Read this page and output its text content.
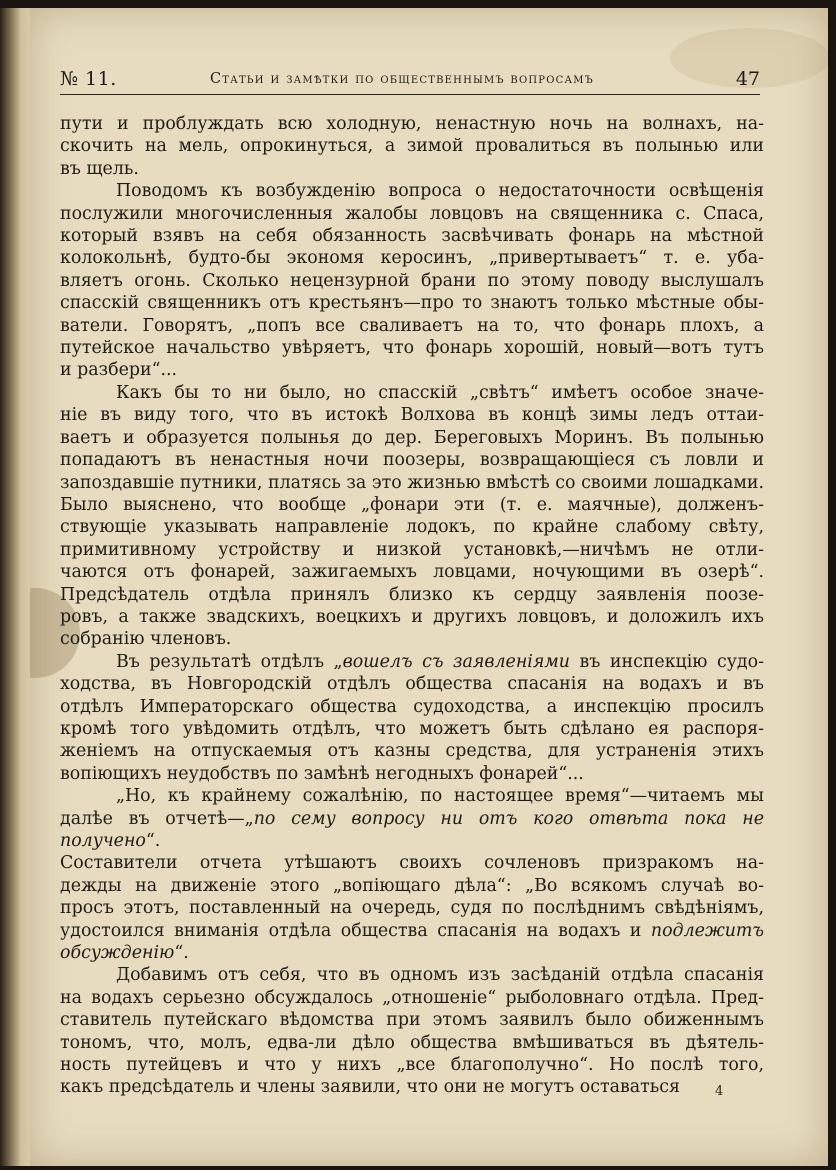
№ 11.	Статьи и замѣтки по общественнымъ вопросамъ	47

пути и проблуждать всю холодную, ненастную ночь на волнахъ, на-

скочить на мель, опрокинуться, а зимой провалиться въ полынью или

въ щель.

Поводомъ къ возбужденію вопроса о недостаточности освѣщенія

послужили многочисленныя жалобы ловцовъ на священника с. Спаса,

который взявъ на себя обязанность засвѣчивать фонарь на мѣстной

колокольнѣ, будто-бы экономя керосинъ, „привертываетъ“ т. е. уба-

вляетъ огонь. Сколько нецензурной брани по этому поводу выслушалъ

спасскій священникъ отъ крестьянъ—про то знаютъ только мѣстные обы-

ватели. Говорятъ, „попъ все сваливаетъ на то, что фонарь плохъ, а

путейское начальство увѣряетъ, что фонарь хорошій, новый—вотъ тутъ

и разбери“...

Какъ бы то ни было, но спасскій „свѣтъ“ имѣетъ особое значе-

ніе въ виду того, что въ истокѣ Волхова въ концѣ зимы ледъ оттаи-

ваетъ и образуется полынья до дер. Береговыхъ Моринъ. Въ полынью

попадаютъ въ ненастныя ночи поозеры, возвращающіеся съ ловли и

запоздавшіе путники, платясь за это жизнью вмѣстѣ со своими лошадками.

Было выяснено, что вообще „фонари эти (т. е. маячные), долженъ-

ствующіе указывать направленіе лодокъ, по крайне слабому свѣту,

примитивному устройству и низкой установкѣ,—ничѣмъ не отли-

чаются отъ фонарей, зажигаемыхъ ловцами, ночующими въ озерѣ“.

Предсѣдатель отдѣла принялъ близко къ сердцу заявленія поозе-

ровъ, а также звадскихъ, воецкихъ и другихъ ловцовъ, и доложилъ ихъ

собранію членовъ.

Въ результатѣ отдѣлъ „вошелъ съ заявленіями въ инспекцію судо-

ходства, въ Новгородскій отдѣлъ общества спасанія на водахъ и въ

отдѣлъ Императорскаго общества судоходства, а инспекцію просилъ

кромѣ того увѣдомить отдѣлъ, что можетъ быть сдѣлано ея распоря-

женіемъ на отпускаемыя отъ казны средства, для устраненія этихъ

вопіющихъ неудобствъ по замѣнѣ негодныхъ фонарей“...

„Но, къ крайнему сожалѣнію, по настоящее время“—читаемъ мы

далѣе въ отчетѣ—„по сему вопросу ни отъ кого отвѣта пока не получено“.

Составители отчета утѣшаютъ своихъ сочленовъ призракомъ на-

дежды на движеніе этого „вопіющаго дѣла“: „Во всякомъ случаѣ во-

просъ этотъ, поставленный на очередь, судя по послѣднимъ свѣдѣніямъ,

удостоился вниманія отдѣла общества спасанія на водахъ и подлежитъ

обсужденію“.

Добавимъ отъ себя, что въ одномъ изъ засѣданій отдѣла спасанія

на водахъ серьезно обсуждалось „отношеніе“ рыболовнаго отдѣла. Пред-

ставитель путейскаго вѣдомства при этомъ заявилъ было обиженнымъ

тономъ, что, молъ, едва-ли дѣло общества вмѣшиваться въ дѣятель-

ность путейцевъ и что у нихъ „все благополучно“. Но послѣ того,

какъ предсѣдатель и члены заявили, что они не могутъ оставаться	4
